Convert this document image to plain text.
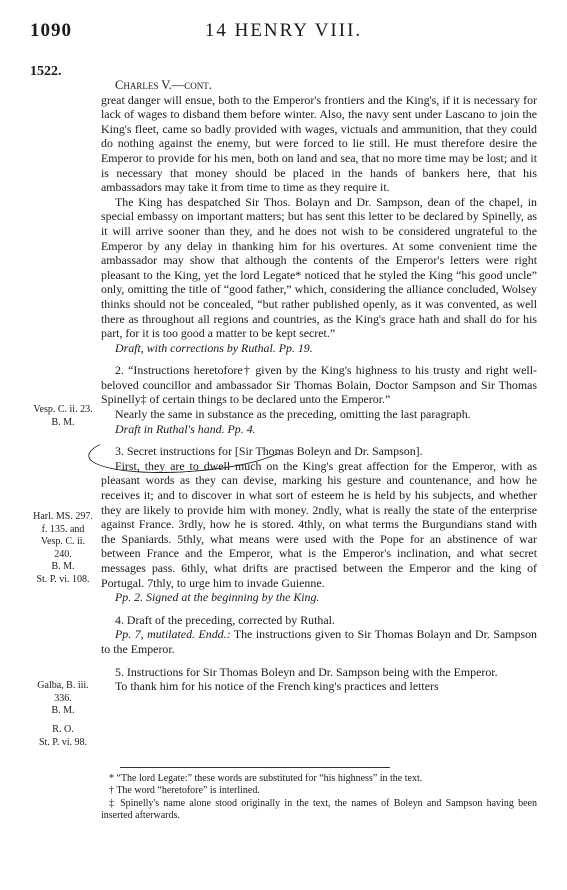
1090	14 HENRY VIII.
1522.

Charles V.—cont.

great danger will ensue, both to the Emperor's frontiers and the King's, if it is necessary for lack of wages to disband them before winter. Also, the navy sent under Lascano to join the King's fleet, came so badly provided with wages, victuals and ammunition, that they could do nothing against the enemy, but were forced to lie still. He must therefore desire the Emperor to provide for his men, both on land and sea, that no more time may be lost; and it is necessary that money should be placed in the hands of bankers here, that his ambassadors may take it from time to time as they require it.

The King has despatched Sir Thos. Bolayn and Dr. Sampson, dean of the chapel, in special embassy on important matters; but has sent this letter to be declared by Spinelly, as it will arrive sooner than they, and he does not wish to be considered ungrateful to the Emperor by any delay in thanking him for his overtures. At some convenient time the ambassador may show that although the contents of the Emperor's letters were right pleasant to the King, yet the lord Legate* noticed that he styled the King “his good uncle” only, omitting the title of “good father,” which, considering the alliance concluded, Wolsey thinks should not be concealed, “but rather published openly, as it was convented, as well there as throughout all regions and countries, as the King's grace hath and shall do for his part, for it is too good a matter to be kept secret.”

Draft, with corrections by Ruthal. Pp. 19.

2. “Instructions heretofore† given by the King's highness to his trusty and right well-beloved councillor and ambassador Sir Thomas Bolain, Doctor Sampson and Sir Thomas Spinelly‡ of certain things to be declared unto the Emperor.”

Nearly the same in substance as the preceding, omitting the last paragraph.

Draft in Ruthal's hand. Pp. 4.

3. Secret instructions for [Sir Thomas Boleyn and Dr. Sampson].

First, they are to dwell much on the King's great affection for the Emperor, with as pleasant words as they can devise, marking his gesture and countenance, and how he receives it; and to discover in what sort of esteem he is held by his subjects, and whether they are likely to provide him with money. 2ndly, what is really the state of the enterprise against France. 3rdly, how he is stored. 4thly, on what terms the Burgundians stand with the Spaniards. 5thly, what means were used with the Pope for an abstinence of war between France and the Emperor, what is the Emperor's inclination, and what secret messages pass. 6thly, what drifts are practised between the Emperor and the king of Portugal. 7thly, to urge him to invade Guienne.

Pp. 2. Signed at the beginning by the King.

4. Draft of the preceding, corrected by Ruthal.

Pp. 7, mutilated. Endd.: The instructions given to Sir Thomas Bolayn and Dr. Sampson to the Emperor.

5. Instructions for Sir Thomas Boleyn and Dr. Sampson being with the Emperor.

To thank him for his notice of the French king's practices and letters

Vesp. C. ii. 23.
B. M.
Harl. MS. 297.
f. 135. and
Vesp. C. ii.
240.
B. M.
St. P. vi. 108.
Galba, B. iii.
336.
B. M.
R. O.
St. P. vi. 98.

* “The lord Legate:” these words are substituted for “his highness” in the text.

† The word “heretofore” is interlined.

‡ Spinelly's name alone stood originally in the text, the names of Boleyn and Sampson having been inserted afterwards.
